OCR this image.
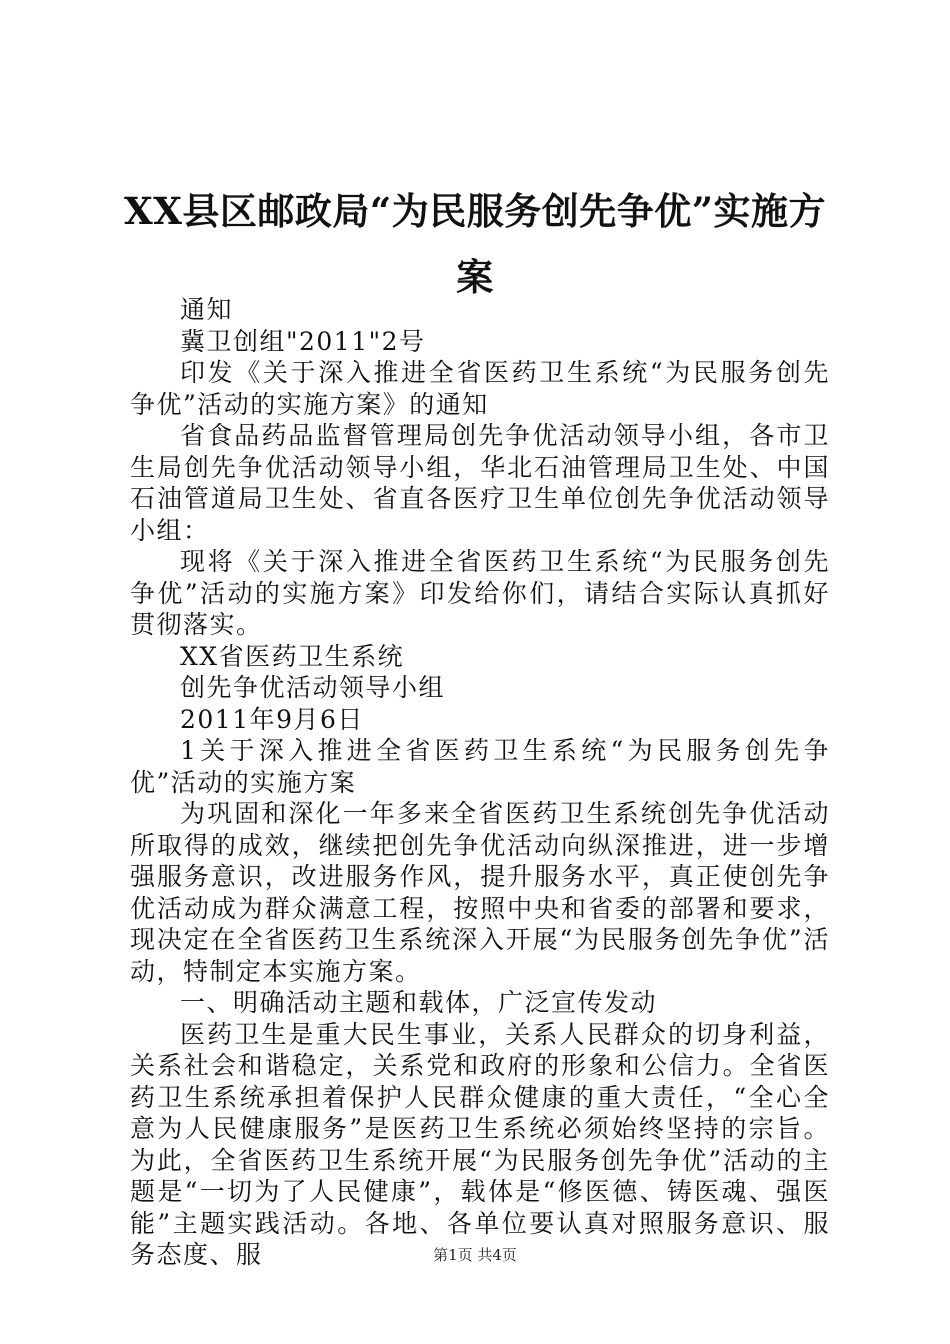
XX县区邮政局“为民服务创先争优”实施方案

通知

冀卫创组"2011"2号

印发《关于深入推进全省医药卫生系统“为民服务创先争优”活动的实施方案》的通知

省食品药品监督管理局创先争优活动领导小组，各市卫生局创先争优活动领导小组，华北石油管理局卫生处、中国石油管道局卫生处、省直各医疗卫生单位创先争优活动领导小组：

现将《关于深入推进全省医药卫生系统“为民服务创先争优”活动的实施方案》印发给你们，请结合实际认真抓好贯彻落实。

XX省医药卫生系统

创先争优活动领导小组

2011年9月6日

1关于深入推进全省医药卫生系统“为民服务创先争优”活动的实施方案

为巩固和深化一年多来全省医药卫生系统创先争优活动所取得的成效，继续把创先争优活动向纵深推进，进一步增强服务意识，改进服务作风，提升服务水平，真正使创先争优活动成为群众满意工程，按照中央和省委的部署和要求，现决定在全省医药卫生系统深入开展“为民服务创先争优”活动，特制定本实施方案。

一、明确活动主题和载体，广泛宣传发动

医药卫生是重大民生事业，关系人民群众的切身利益，关系社会和谐稳定，关系党和政府的形象和公信力。全省医药卫生系统承担着保护人民群众健康的重大责任，“全心全意为人民健康服务”是医药卫生系统必须始终坚持的宗旨。为此，全省医药卫生系统开展“为民服务创先争优”活动的主题是“一切为了人民健康”，载体是“修医德、铸医魂、强医能”主题实践活动。各地、各单位要认真对照服务意识、服务态度、服	第1页 共4页
